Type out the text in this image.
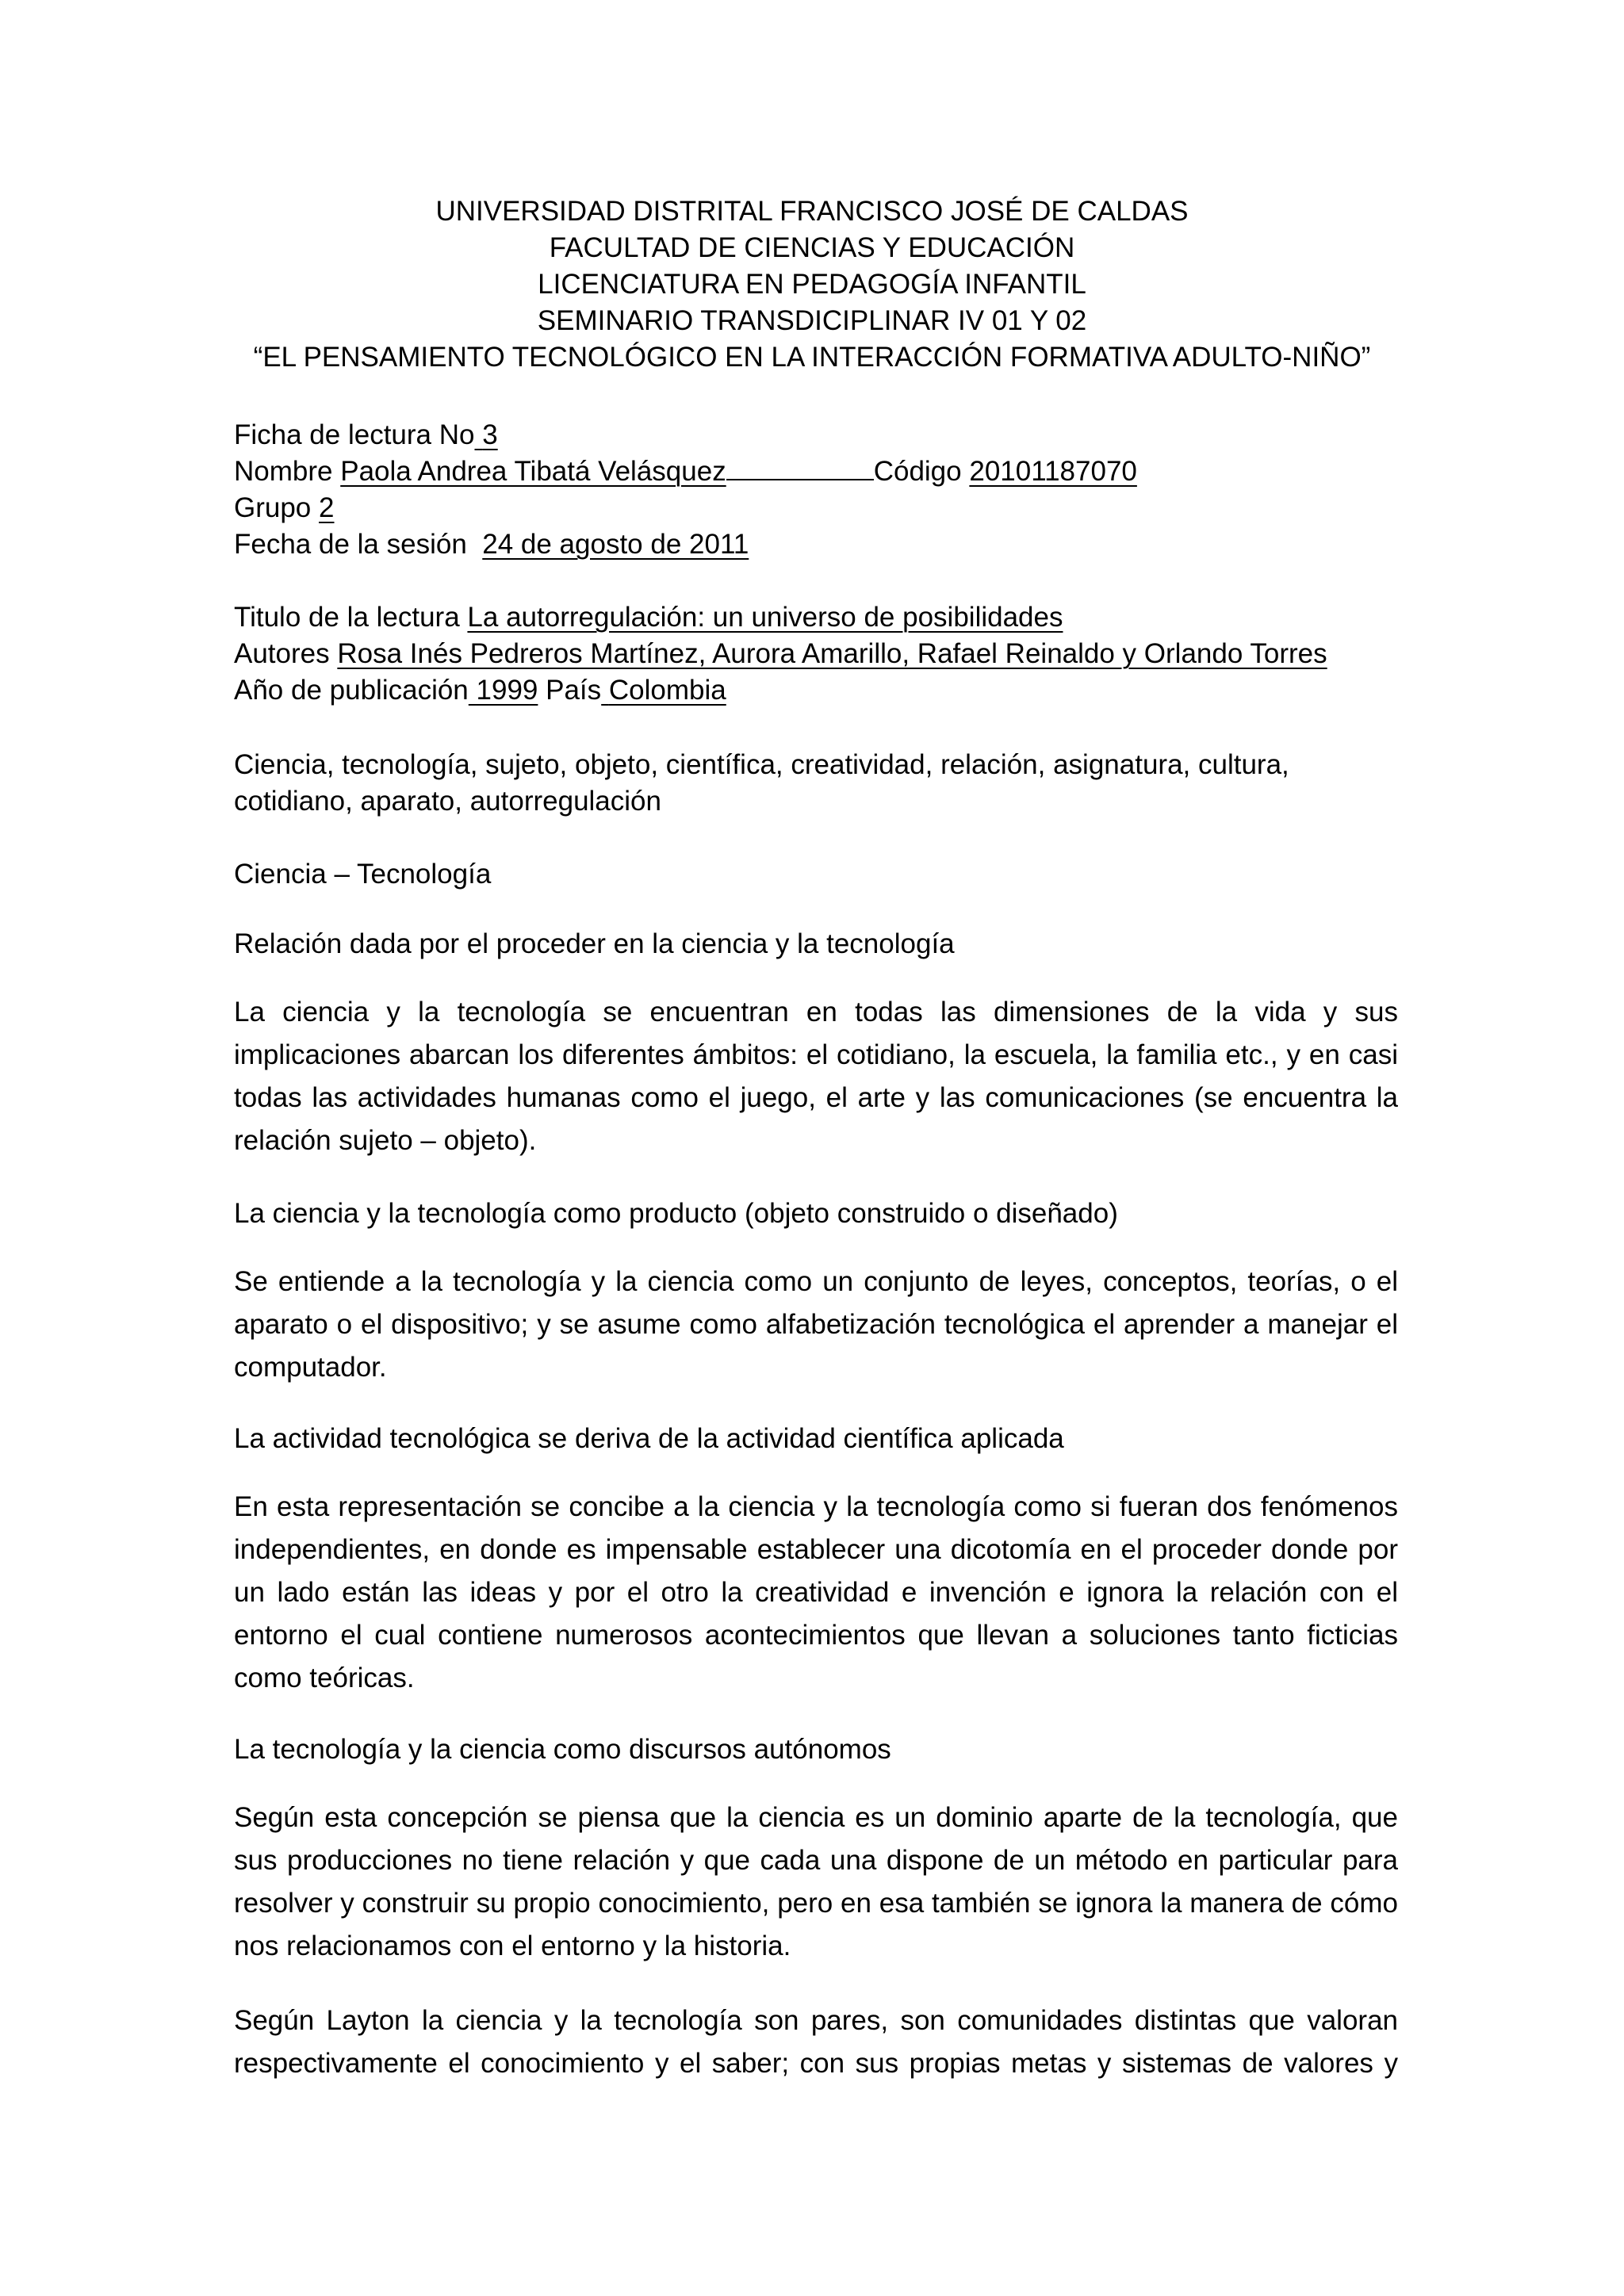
UNIVERSIDAD DISTRITAL FRANCISCO JOSÉ DE CALDAS
FACULTAD DE CIENCIAS Y EDUCACIÓN
LICENCIATURA EN PEDAGOGÍA INFANTIL
SEMINARIO TRANSDICIPLINAR IV 01 Y 02
“EL PENSAMIENTO TECNOLÓGICO EN LA INTERACCIÓN FORMATIVA ADULTO-NIÑO”
Ficha de lectura No 3
Nombre Paola Andrea Tibatá Velásquez	Código 20101187070
Grupo 2
Fecha de la sesión 24 de agosto de 2011
Titulo de la lectura La autorregulación: un universo de posibilidades
Autores Rosa Inés Pedreros Martínez, Aurora Amarillo, Rafael Reinaldo y Orlando Torres
Año de publicación 1999 País Colombia
Ciencia, tecnología, sujeto, objeto, científica, creatividad, relación, asignatura, cultura,
cotidiano, aparato, autorregulación
Ciencia – Tecnología
Relación dada por el proceder en la ciencia y la tecnología
La ciencia y la tecnología se encuentran en todas las dimensiones de la vida y sus implicaciones abarcan los diferentes ámbitos: el cotidiano, la escuela, la familia etc., y en casi todas las actividades humanas como el juego, el arte y las comunicaciones (se encuentra la relación sujeto – objeto).
La ciencia y la tecnología como producto (objeto construido o diseñado)
Se entiende a la tecnología y la ciencia como un conjunto de leyes, conceptos, teorías, o el aparato o el dispositivo; y se asume como alfabetización tecnológica el aprender a manejar el computador.
La actividad tecnológica se deriva de la actividad científica aplicada
En esta representación se concibe a la ciencia y la tecnología como si fueran dos fenómenos independientes, en donde es impensable establecer una dicotomía en el proceder donde por un lado están las ideas y por el otro la creatividad e invención e ignora la relación con el entorno el cual contiene numerosos acontecimientos que llevan a soluciones tanto ficticias como teóricas.
La tecnología y la ciencia como discursos autónomos
Según esta concepción se piensa que la ciencia es un dominio aparte de la tecnología, que sus producciones no tiene relación y que cada una dispone de un método en particular para resolver y construir su propio conocimiento, pero en esa también se ignora la manera de cómo nos relacionamos con el entorno y la historia.
Según Layton la ciencia y la tecnología son pares, son comunidades distintas que valoran respectivamente el conocimiento y el saber; con sus propias metas y sistemas de valores y
